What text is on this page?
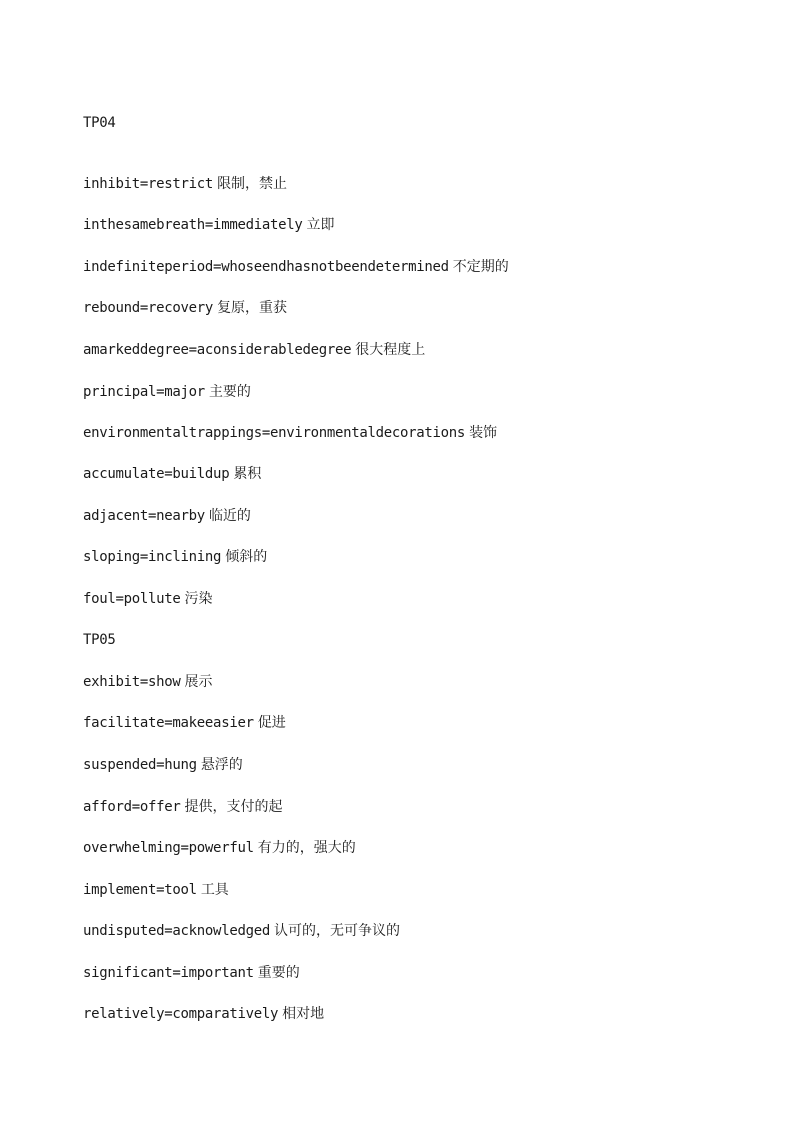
TP04
inhibit=restrict 限制，禁止
inthesamebreath=immediately 立即
indefiniteperiod=whoseendhasnotbeendetermined 不定期的
rebound=recovery 复原，重获
amarkeddegree=aconsiderabledegree 很大程度上
principal=major 主要的
environmentaltrappings=environmentaldecorations 装饰
accumulate=buildup 累积
adjacent=nearby 临近的
sloping=inclining 倾斜的
foul=pollute 污染
TP05
exhibit=show 展示
facilitate=makeeasier 促进
suspended=hung 悬浮的
afford=offer 提供，支付的起
overwhelming=powerful 有力的，强大的
implement=tool 工具
undisputed=acknowledged 认可的，无可争议的
significant=important 重要的
relatively=comparatively 相对地
